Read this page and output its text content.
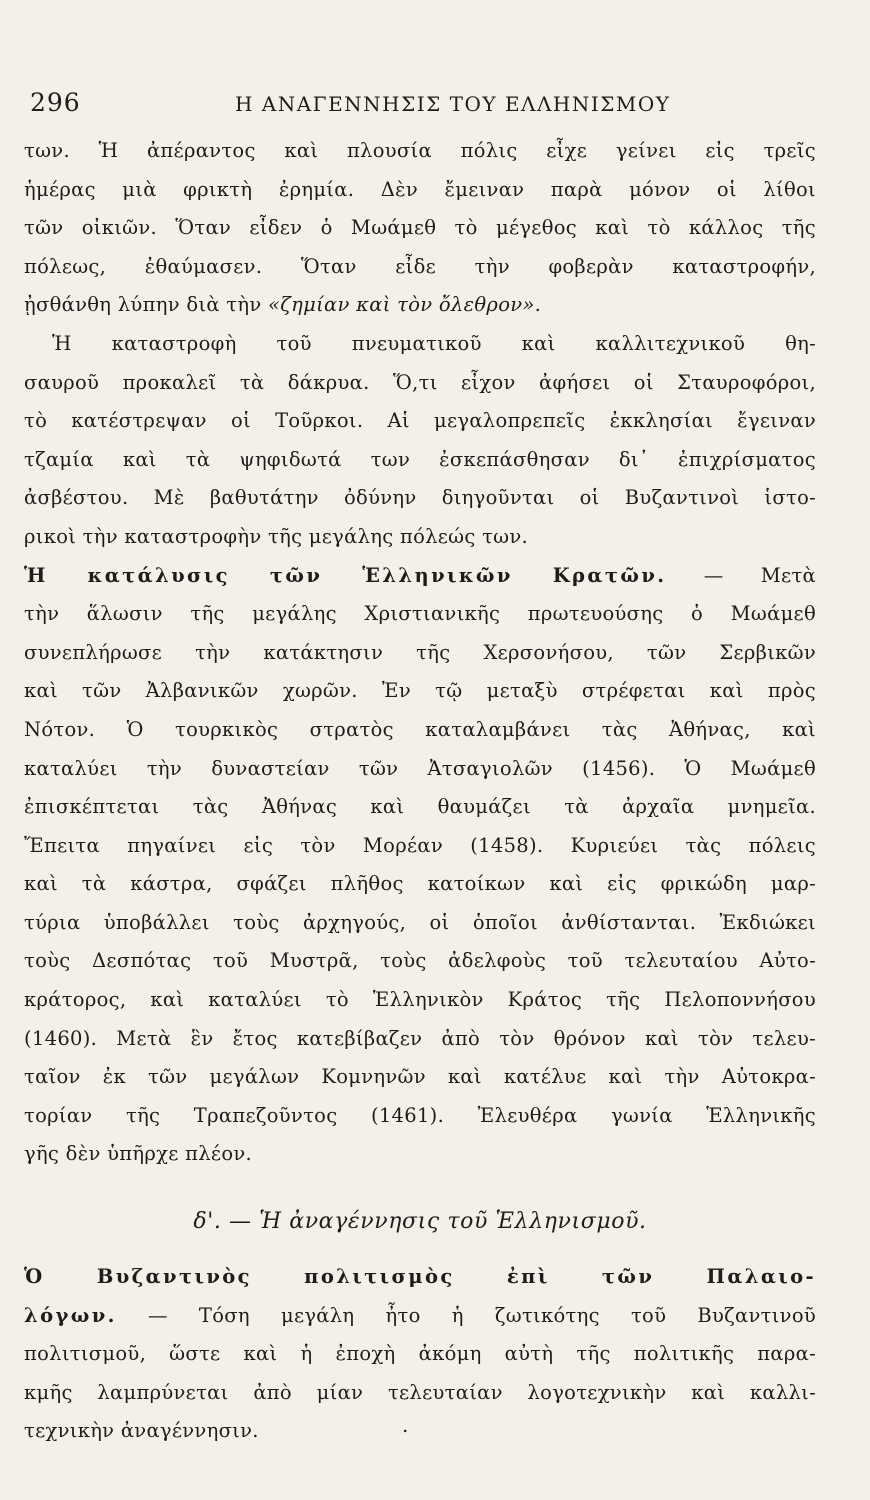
296	Η ΑΝΑΓΕΝΝΗΣΙΣ ΤΟΥ ΕΛΛΗΝΙΣΜΟΥ
των. Ἡ ἀπέραντος καὶ πλουσία πόλις εἶχε γείνει εἰς τρεῖς
ἡμέρας μιὰ φρικτὴ ἐρημία. Δὲν ἔμειναν παρὰ μόνον οἱ λίθοι
τῶν οἰκιῶν. Ὅταν εἶδεν ὁ Μωάμεθ τὸ μέγεθος καὶ τὸ κάλλος τῆς
πόλεως, ἐθαύμασεν. Ὅταν εἶδε τὴν φοβερὰν καταστροφήν,
ᾐσθάνθη λύπην διὰ τὴν «ζημίαν καὶ τὸν ὄλεθρον».
Ἡ καταστροφὴ τοῦ πνευματικοῦ καὶ καλλιτεχνικοῦ θη-
σαυροῦ προκαλεῖ τὰ δάκρυα. Ὅ,τι εἶχον ἀφήσει οἱ Σταυροφόροι,
τὸ κατέστρεψαν οἱ Τοῦρκοι. Αἱ μεγαλοπρεπεῖς ἐκκλησίαι ἔγειναν
τζαμία καὶ τὰ ψηφιδωτά των ἐσκεπάσθησαν δι᾽ ἐπιχρίσματος
ἀσβέστου. Μὲ βαθυτάτην ὀδύνην διηγοῦνται οἱ Βυζαντινοὶ ἱστο-
ρικοὶ τὴν καταστροφὴν τῆς μεγάλης πόλεώς των.
Ἡ κατάλυσις τῶν Ἑλληνικῶν Κρατῶν. — Μετὰ
τὴν ἅλωσιν τῆς μεγάλης Χριστιανικῆς πρωτευούσης ὁ Μωάμεθ
συνεπλήρωσε τὴν κατάκτησιν τῆς Χερσονήσου, τῶν Σερβικῶν
καὶ τῶν Ἀλβανικῶν χωρῶν. Ἐν τῷ μεταξὺ στρέφεται καὶ πρὸς
Νότον. Ὁ τουρκικὸς στρατὸς καταλαμβάνει τὰς Ἀθήνας, καὶ
καταλύει τὴν δυναστείαν τῶν Ἀτσαγιολῶν (1456). Ὁ Μωάμεθ
ἐπισκέπτεται τὰς Ἀθήνας καὶ θαυμάζει τὰ ἀρχαῖα μνημεῖα.
Ἔπειτα πηγαίνει εἰς τὸν Μορέαν (1458). Κυριεύει τὰς πόλεις
καὶ τὰ κάστρα, σφάζει πλῆθος κατοίκων καὶ εἰς φρικώδη μαρ-
τύρια ὑποβάλλει τοὺς ἀρχηγούς, οἱ ὁποῖοι ἀνθίστανται. Ἐκδιώκει
τοὺς Δεσπότας τοῦ Μυστρᾶ, τοὺς ἀδελφοὺς τοῦ τελευταίου Αὐτο-
κράτορος, καὶ καταλύει τὸ Ἑλληνικὸν Κράτος τῆς Πελοποννήσου
(1460). Μετὰ ἓν ἔτος κατεβίβαζεν ἀπὸ τὸν θρόνον καὶ τὸν τελευ-
ταῖον ἐκ τῶν μεγάλων Κομνηνῶν καὶ κατέλυε καὶ τὴν Αὐτοκρα-
τορίαν τῆς Τραπεζοῦντος (1461). Ἐλευθέρα γωνία Ἑλληνικῆς
γῆς δὲν ὑπῆρχε πλέον.
δ'. — Ἡ ἀναγέννησις τοῦ Ἑλληνισμοῦ.
Ὁ Βυζαντινὸς πολιτισμὸς ἐπὶ τῶν Παλαιο-
λόγων. — Τόση μεγάλη ἦτο ἡ ζωτικότης τοῦ Βυζαντινοῦ
πολιτισμοῦ, ὥστε καὶ ἡ ἐποχὴ ἀκόμη αὐτὴ τῆς πολιτικῆς παρα-
κμῆς λαμπρύνεται ἀπὸ μίαν τελευταίαν λογοτεχνικὴν καὶ καλλι-
τεχνικὴν ἀναγέννησιν.	.
